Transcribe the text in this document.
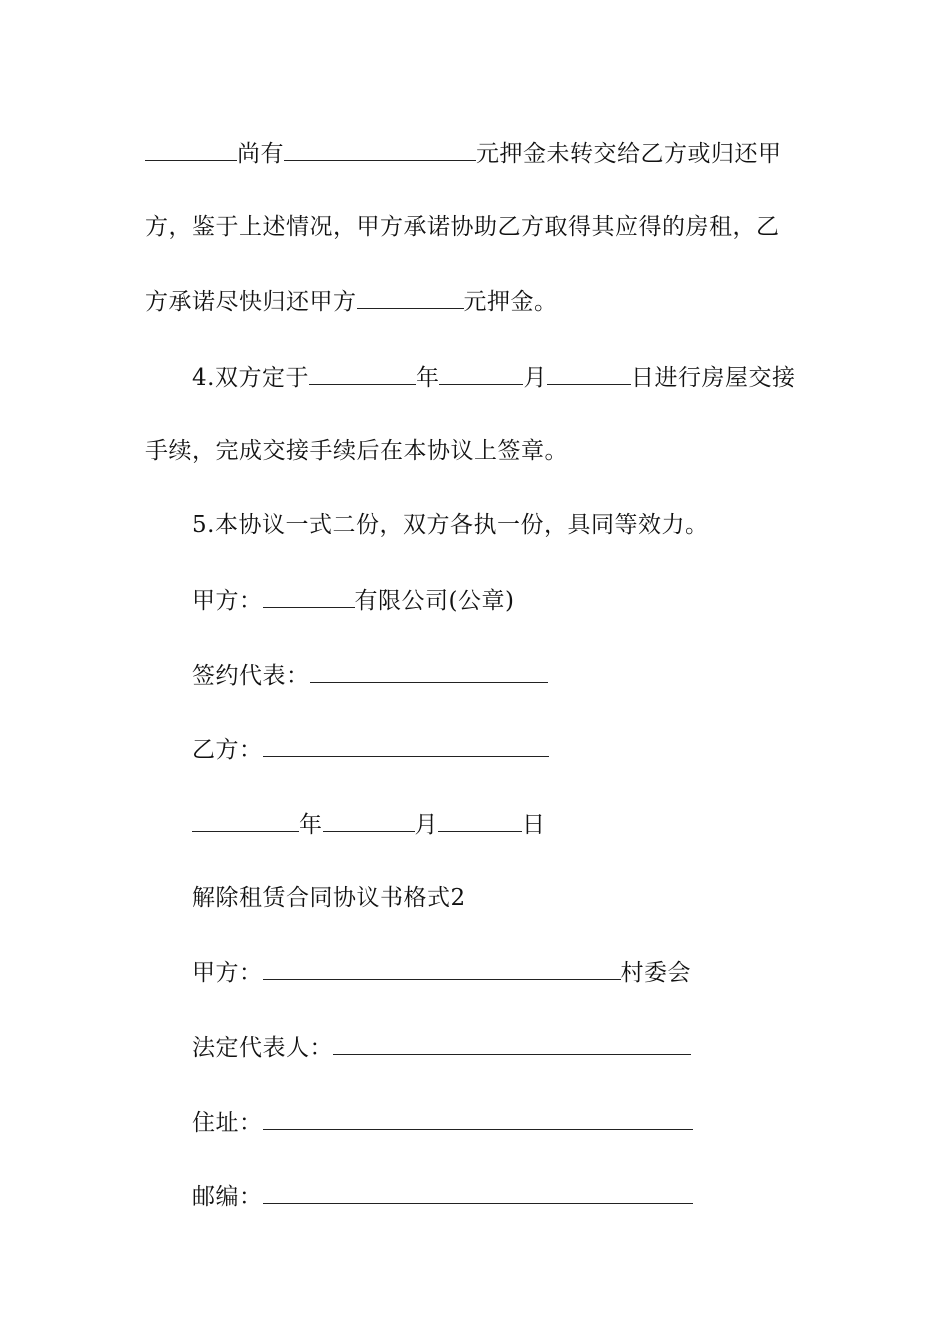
尚有	元押金未转交给乙方或归还甲
方，鉴于上述情况，甲方承诺协助乙方取得其应得的房租，乙
方承诺尽快归还甲方	元押金。
4.双方定于	年	月	日进行房屋交接
手续，完成交接手续后在本协议上签章。
5.本协议一式二份，双方各执一份，具同等效力。
甲方：	有限公司(公章)
签约代表：
乙方：
年	月	日
解除租赁合同协议书格式2
甲方：	村委会
法定代表人：
住址：
邮编：
